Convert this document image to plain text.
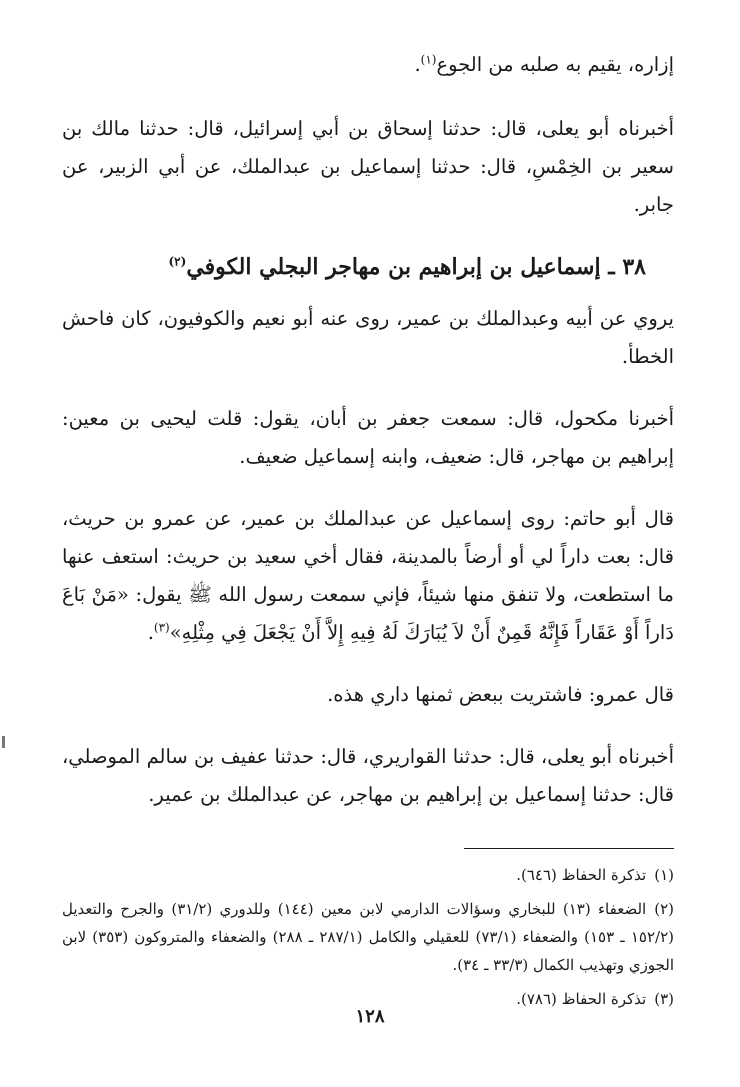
إزاره، يقيم به صلبه من الجوع$^{(١)}$.

أخبرناه أبو يعلى، قال: حدثنا إسحاق بن أبي إسرائيل، قال: حدثنا مالك بن سعير بن الخِمْسِ، قال: حدثنا إسماعيل بن عبدالملك، عن أبي الزبير، عن جابر.

٣٨ ـ إسماعيل بن إبراهيم بن مهاجر البجلي الكوفي$^{(٢)}$

يروي عن أبيه وعبدالملك بن عمير، روى عنه أبو نعيم والكوفيون، كان فاحش الخطأ.

أخبرنا مكحول، قال: سمعت جعفر بن أبان، يقول: قلت ليحيى بن معين: إبراهيم بن مهاجر، قال: ضعيف، وابنه إسماعيل ضعيف.

قال أبو حاتم: روى إسماعيل عن عبدالملك بن عمير، عن عمرو بن حريث، قال: بعت داراً لي أو أرضاً بالمدينة، فقال أخي سعيد بن حريث: استعف عنها ما استطعت، ولا تنفق منها شيئاً، فإني سمعت رسول الله ﷺ يقول: «مَنْ بَاعَ دَاراً أَوْ عَقَاراً فَإِنَّهُ قَمِنٌ أَنْ لاَ يُبَارَكَ لَهُ فِيهِ إِلاَّ أَنْ يَجْعَلَ فِي مِثْلِهِ»$^{(٣)}$.

قال عمرو: فاشتريت ببعض ثمنها داري هذه.

أخبرناه أبو يعلى، قال: حدثنا القواريري، قال: حدثنا عفيف بن سالم الموصلي، قال: حدثنا إسماعيل بن إبراهيم بن مهاجر، عن عبدالملك بن عمير.

(١)تذكرة الحفاظ (٦٤٦).

(٢)الضعفاء (١٣) للبخاري وسؤالات الدارمي لابن معين (١٤٤) وللدوري (٣١/٢) والجرح والتعديل (١٥٢/٢ ـ ١٥٣) والضعفاء (٧٣/١) للعقيلي والكامل (٢٨٧/١ ـ ٢٨٨) والضعفاء والمتروكون (٣٥٣) لابن الجوزي وتهذيب الكمال (٣٣/٣ ـ ٣٤).

(٣)تذكرة الحفاظ (٧٨٦).

١٢٨
